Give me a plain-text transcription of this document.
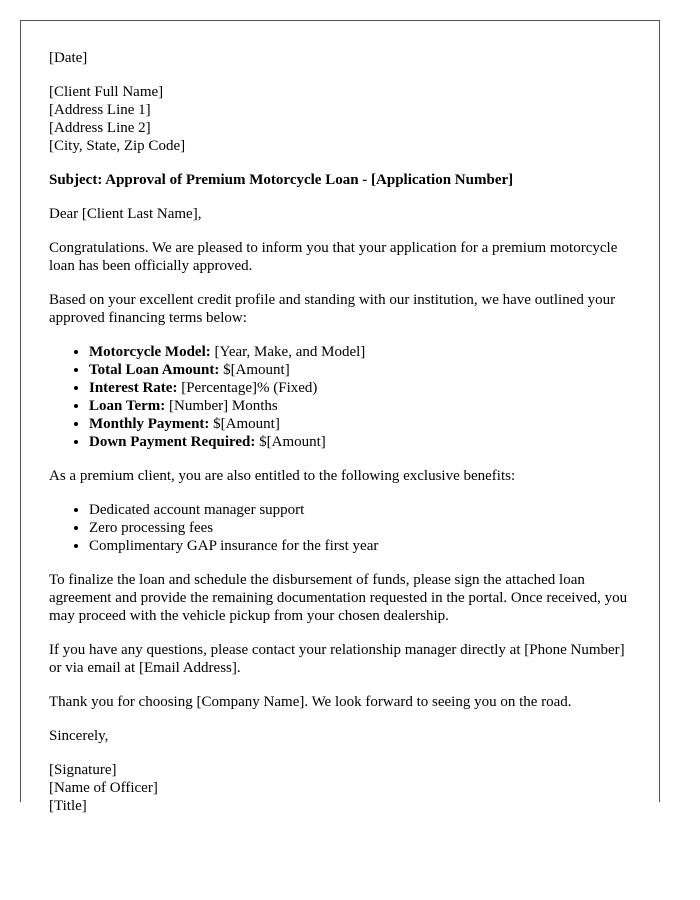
[Date]

[Client Full Name]
[Address Line 1]
[Address Line 2]
[City, State, Zip Code]

Subject: Approval of Premium Motorcycle Loan - [Application Number]

Dear [Client Last Name],

Congratulations. We are pleased to inform you that your application for a premium motorcycle loan has been officially approved.

Based on your excellent credit profile and standing with our institution, we have outlined your approved financing terms below:

• Motorcycle Model: [Year, Make, and Model]
• Total Loan Amount: $[Amount]
• Interest Rate: [Percentage]% (Fixed)
• Loan Term: [Number] Months
• Monthly Payment: $[Amount]
• Down Payment Required: $[Amount]

As a premium client, you are also entitled to the following exclusive benefits:

• Dedicated account manager support
• Zero processing fees
• Complimentary GAP insurance for the first year

To finalize the loan and schedule the disbursement of funds, please sign the attached loan agreement and provide the remaining documentation requested in the portal. Once received, you may proceed with the vehicle pickup from your chosen dealership.

If you have any questions, please contact your relationship manager directly at [Phone Number] or via email at [Email Address].

Thank you for choosing [Company Name]. We look forward to seeing you on the road.

Sincerely,

[Signature]
[Name of Officer]
[Title]
